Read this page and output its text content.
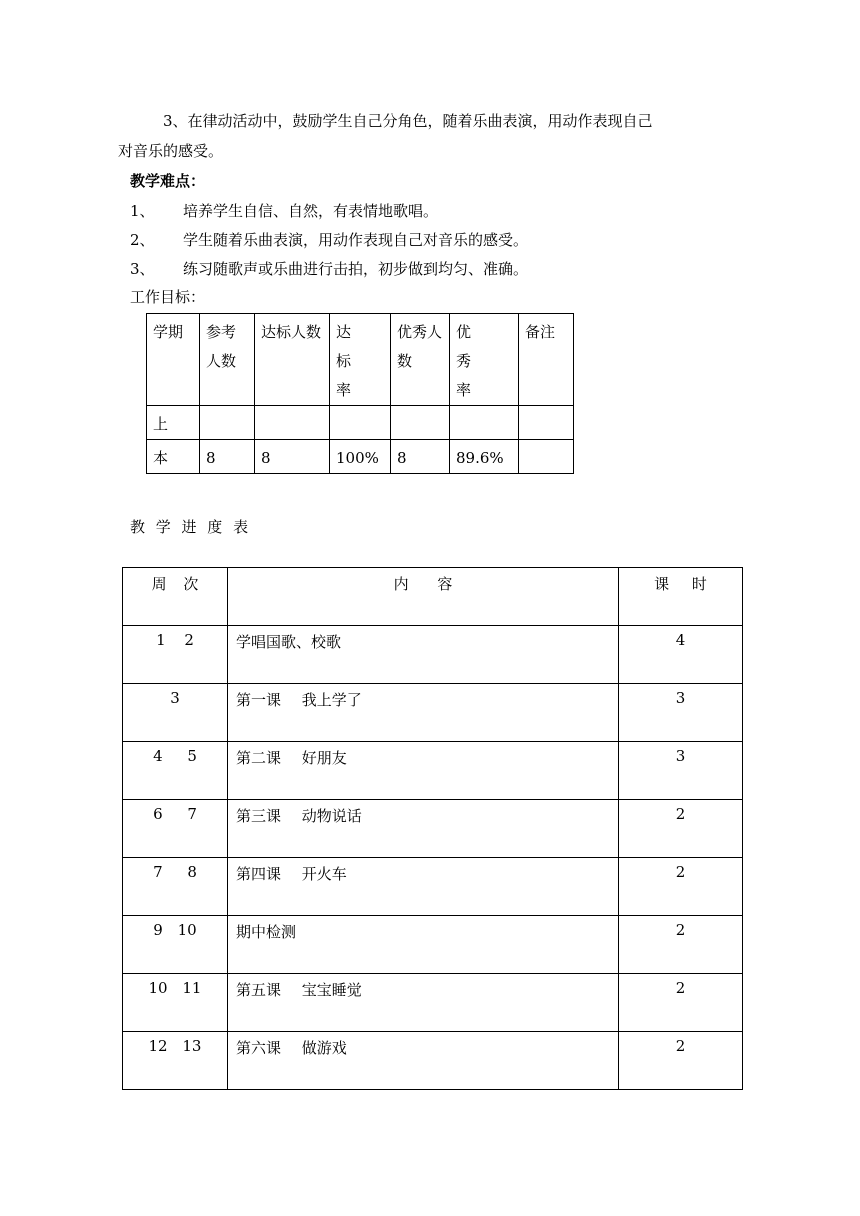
3、在律动活动中，鼓励学生自己分角色，随着乐曲表演，用动作表现自己

对音乐的感受。

教学难点：

1、 培养学生自信、自然，有表情地歌唱。
2、 学生随着乐曲表演，用动作表现自己对音乐的感受。
3、 练习随歌声或乐曲进行击拍，初步做到均匀、准确。

工作目标：

学期	参考人数	达标人数	达标率	优秀人数	优秀率	备注
上						
本	8	8	100%	8	89.6%	

教 学 进 度 表

周 次	内 容	课 时
1 2	学唱国歌、校歌	4
3	第一课 我上学了	3
4 5	第二课 好朋友	3
6 7	第三课 动物说话	2
7 8	第四课 开火车	2
9 10	期中检测	2
10 11	第五课 宝宝睡觉	2
12 13	第六课 做游戏	2
